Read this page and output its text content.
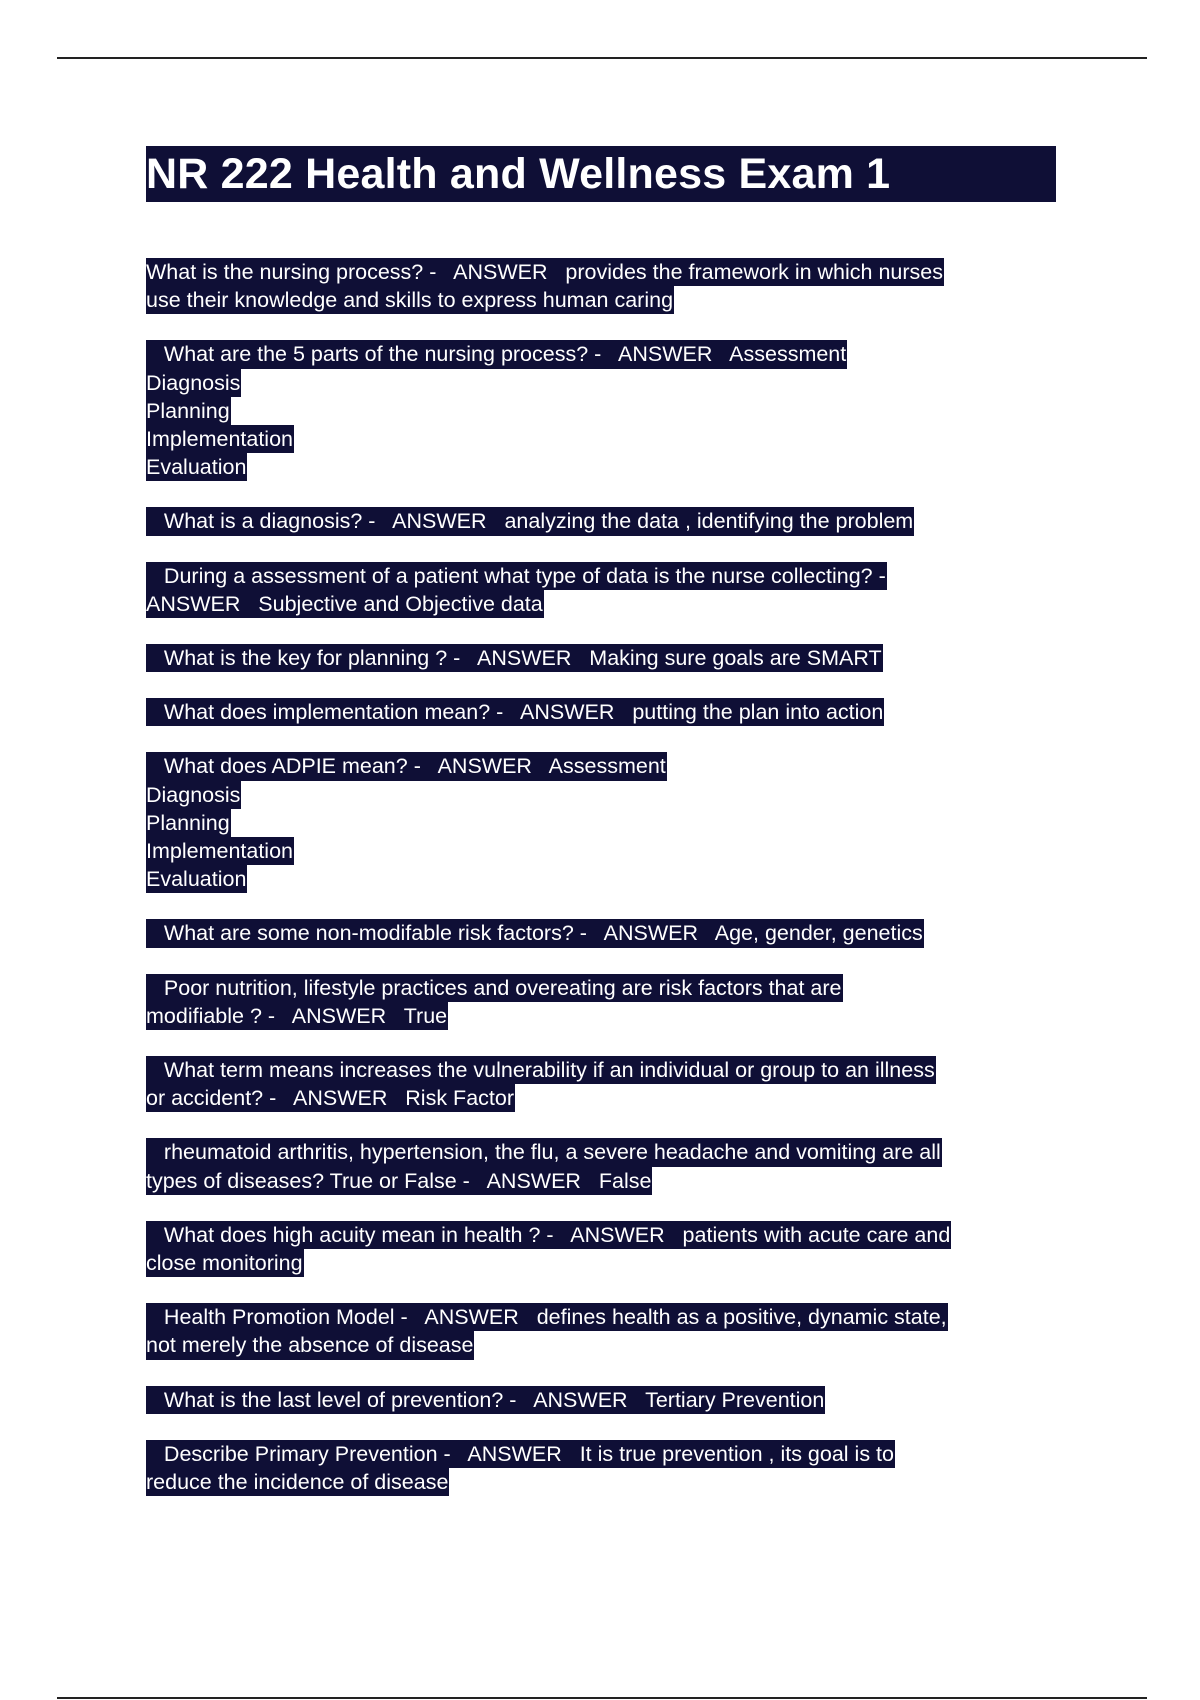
NR 222 Health and Wellness Exam 1
What is the nursing process? -   ANSWER   provides the framework in which nurses
use their knowledge and skills to express human caring
What are the 5 parts of the nursing process? -   ANSWER   Assessment
Diagnosis
Planning
Implementation
Evaluation
What is a diagnosis? -   ANSWER   analyzing the data , identifying the problem
During a assessment of a patient what type of data is the nurse collecting? -
ANSWER   Subjective and Objective data
What is the key for planning ? -   ANSWER   Making sure goals are SMART
What does implementation mean? -   ANSWER   putting the plan into action
What does ADPIE mean? -   ANSWER   Assessment
Diagnosis
Planning
Implementation
Evaluation
What are some non-modifable risk factors? -   ANSWER   Age, gender, genetics
Poor nutrition, lifestyle practices and overeating are risk factors that are
modifiable ? -   ANSWER   True
What term means increases the vulnerability if an individual or group to an illness
or accident? -   ANSWER   Risk Factor
rheumatoid arthritis, hypertension, the flu, a severe headache and vomiting are all
types of diseases? True or False -   ANSWER   False
What does high acuity mean in health ? -   ANSWER   patients with acute care and
close monitoring
Health Promotion Model -   ANSWER   defines health as a positive, dynamic state,
not merely the absence of disease
What is the last level of prevention? -   ANSWER   Tertiary Prevention
Describe Primary Prevention -   ANSWER   It is true prevention , its goal is to
reduce the incidence of disease
